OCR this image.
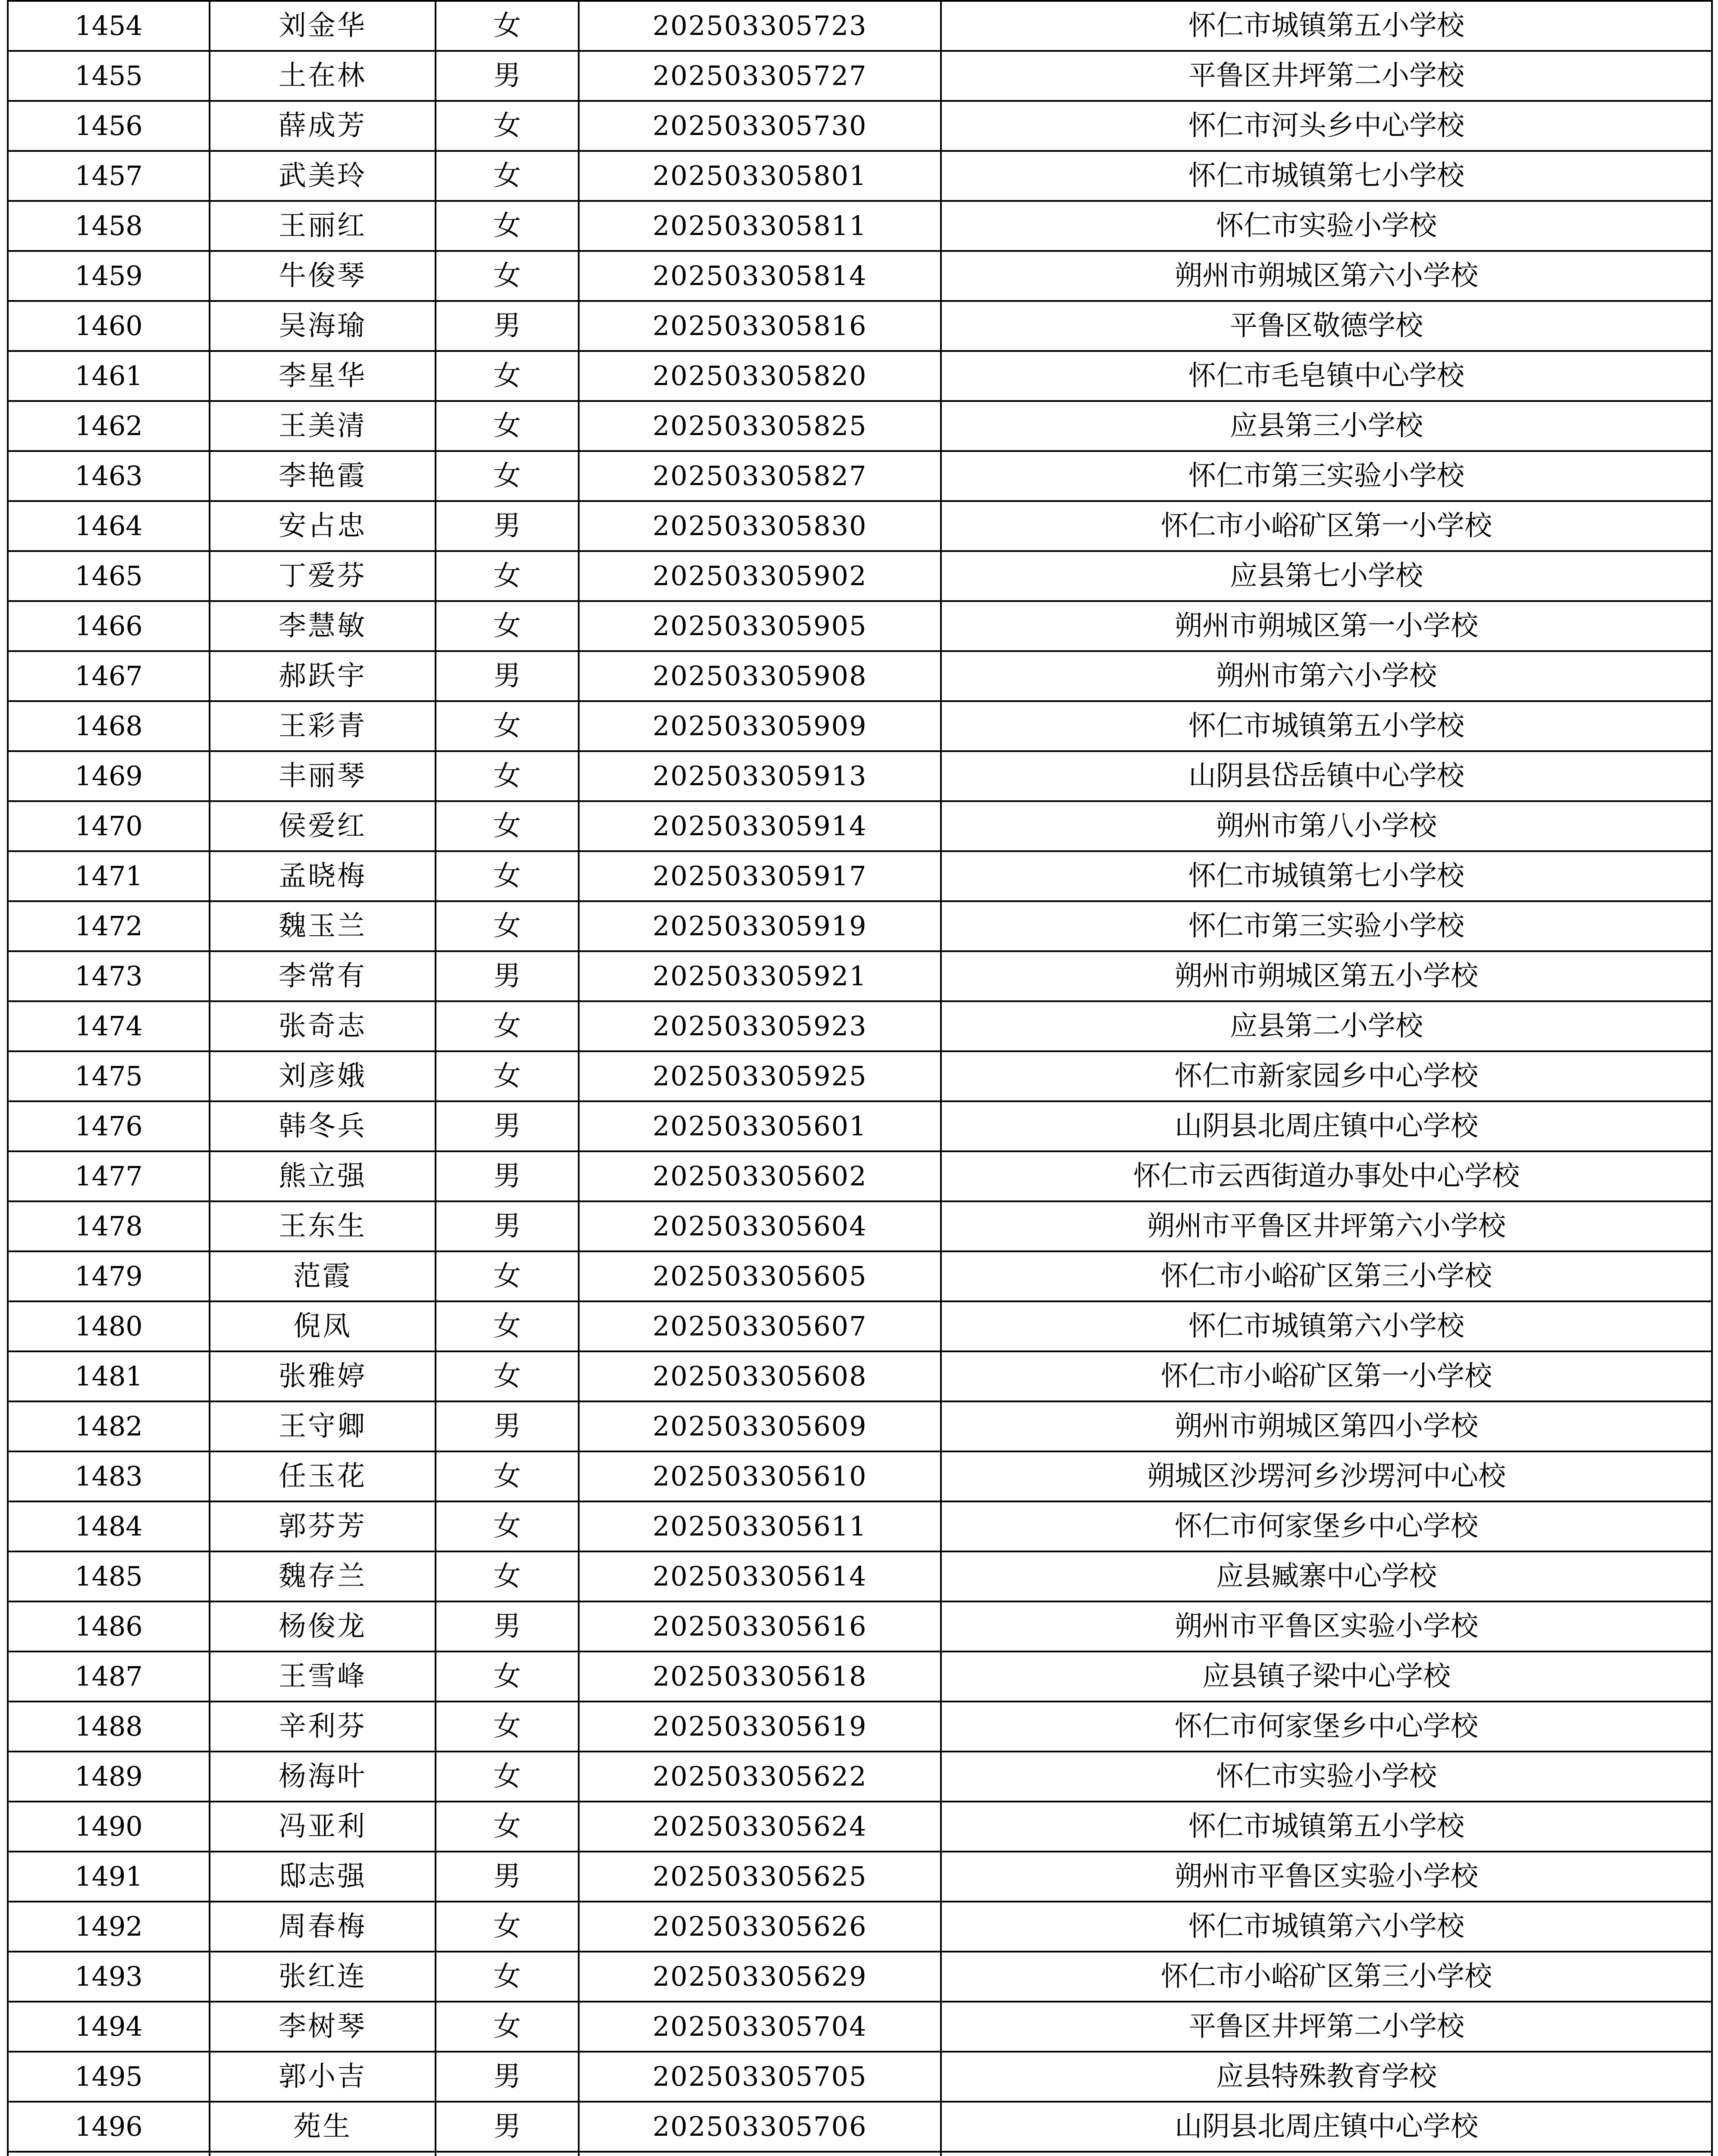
1454	刘金华	女	202503305723	怀仁市城镇第五小学校
1455	土在林	男	202503305727	平鲁区井坪第二小学校
1456	薛成芳	女	202503305730	怀仁市河头乡中心学校
1457	武美玲	女	202503305801	怀仁市城镇第七小学校
1458	王丽红	女	202503305811	怀仁市实验小学校
1459	牛俊琴	女	202503305814	朔州市朔城区第六小学校
1460	吴海瑜	男	202503305816	平鲁区敬德学校
1461	李星华	女	202503305820	怀仁市毛皂镇中心学校
1462	王美清	女	202503305825	应县第三小学校
1463	李艳霞	女	202503305827	怀仁市第三实验小学校
1464	安占忠	男	202503305830	怀仁市小峪矿区第一小学校
1465	丁爱芬	女	202503305902	应县第七小学校
1466	李慧敏	女	202503305905	朔州市朔城区第一小学校
1467	郝跃宇	男	202503305908	朔州市第六小学校
1468	王彩青	女	202503305909	怀仁市城镇第五小学校
1469	丰丽琴	女	202503305913	山阴县岱岳镇中心学校
1470	侯爱红	女	202503305914	朔州市第八小学校
1471	孟晓梅	女	202503305917	怀仁市城镇第七小学校
1472	魏玉兰	女	202503305919	怀仁市第三实验小学校
1473	李常有	男	202503305921	朔州市朔城区第五小学校
1474	张奇志	女	202503305923	应县第二小学校
1475	刘彦娥	女	202503305925	怀仁市新家园乡中心学校
1476	韩冬兵	男	202503305601	山阴县北周庄镇中心学校
1477	熊立强	男	202503305602	怀仁市云西街道办事处中心学校
1478	王东生	男	202503305604	朔州市平鲁区井坪第六小学校
1479	范霞	女	202503305605	怀仁市小峪矿区第三小学校
1480	倪凤	女	202503305607	怀仁市城镇第六小学校
1481	张雅婷	女	202503305608	怀仁市小峪矿区第一小学校
1482	王守卿	男	202503305609	朔州市朔城区第四小学校
1483	任玉花	女	202503305610	朔城区沙塄河乡沙塄河中心校
1484	郭芬芳	女	202503305611	怀仁市何家堡乡中心学校
1485	魏存兰	女	202503305614	应县臧寨中心学校
1486	杨俊龙	男	202503305616	朔州市平鲁区实验小学校
1487	王雪峰	女	202503305618	应县镇子梁中心学校
1488	辛利芬	女	202503305619	怀仁市何家堡乡中心学校
1489	杨海叶	女	202503305622	怀仁市实验小学校
1490	冯亚利	女	202503305624	怀仁市城镇第五小学校
1491	邸志强	男	202503305625	朔州市平鲁区实验小学校
1492	周春梅	女	202503305626	怀仁市城镇第六小学校
1493	张红连	女	202503305629	怀仁市小峪矿区第三小学校
1494	李树琴	女	202503305704	平鲁区井坪第二小学校
1495	郭小吉	男	202503305705	应县特殊教育学校
1496	苑生	男	202503305706	山阴县北周庄镇中心学校
